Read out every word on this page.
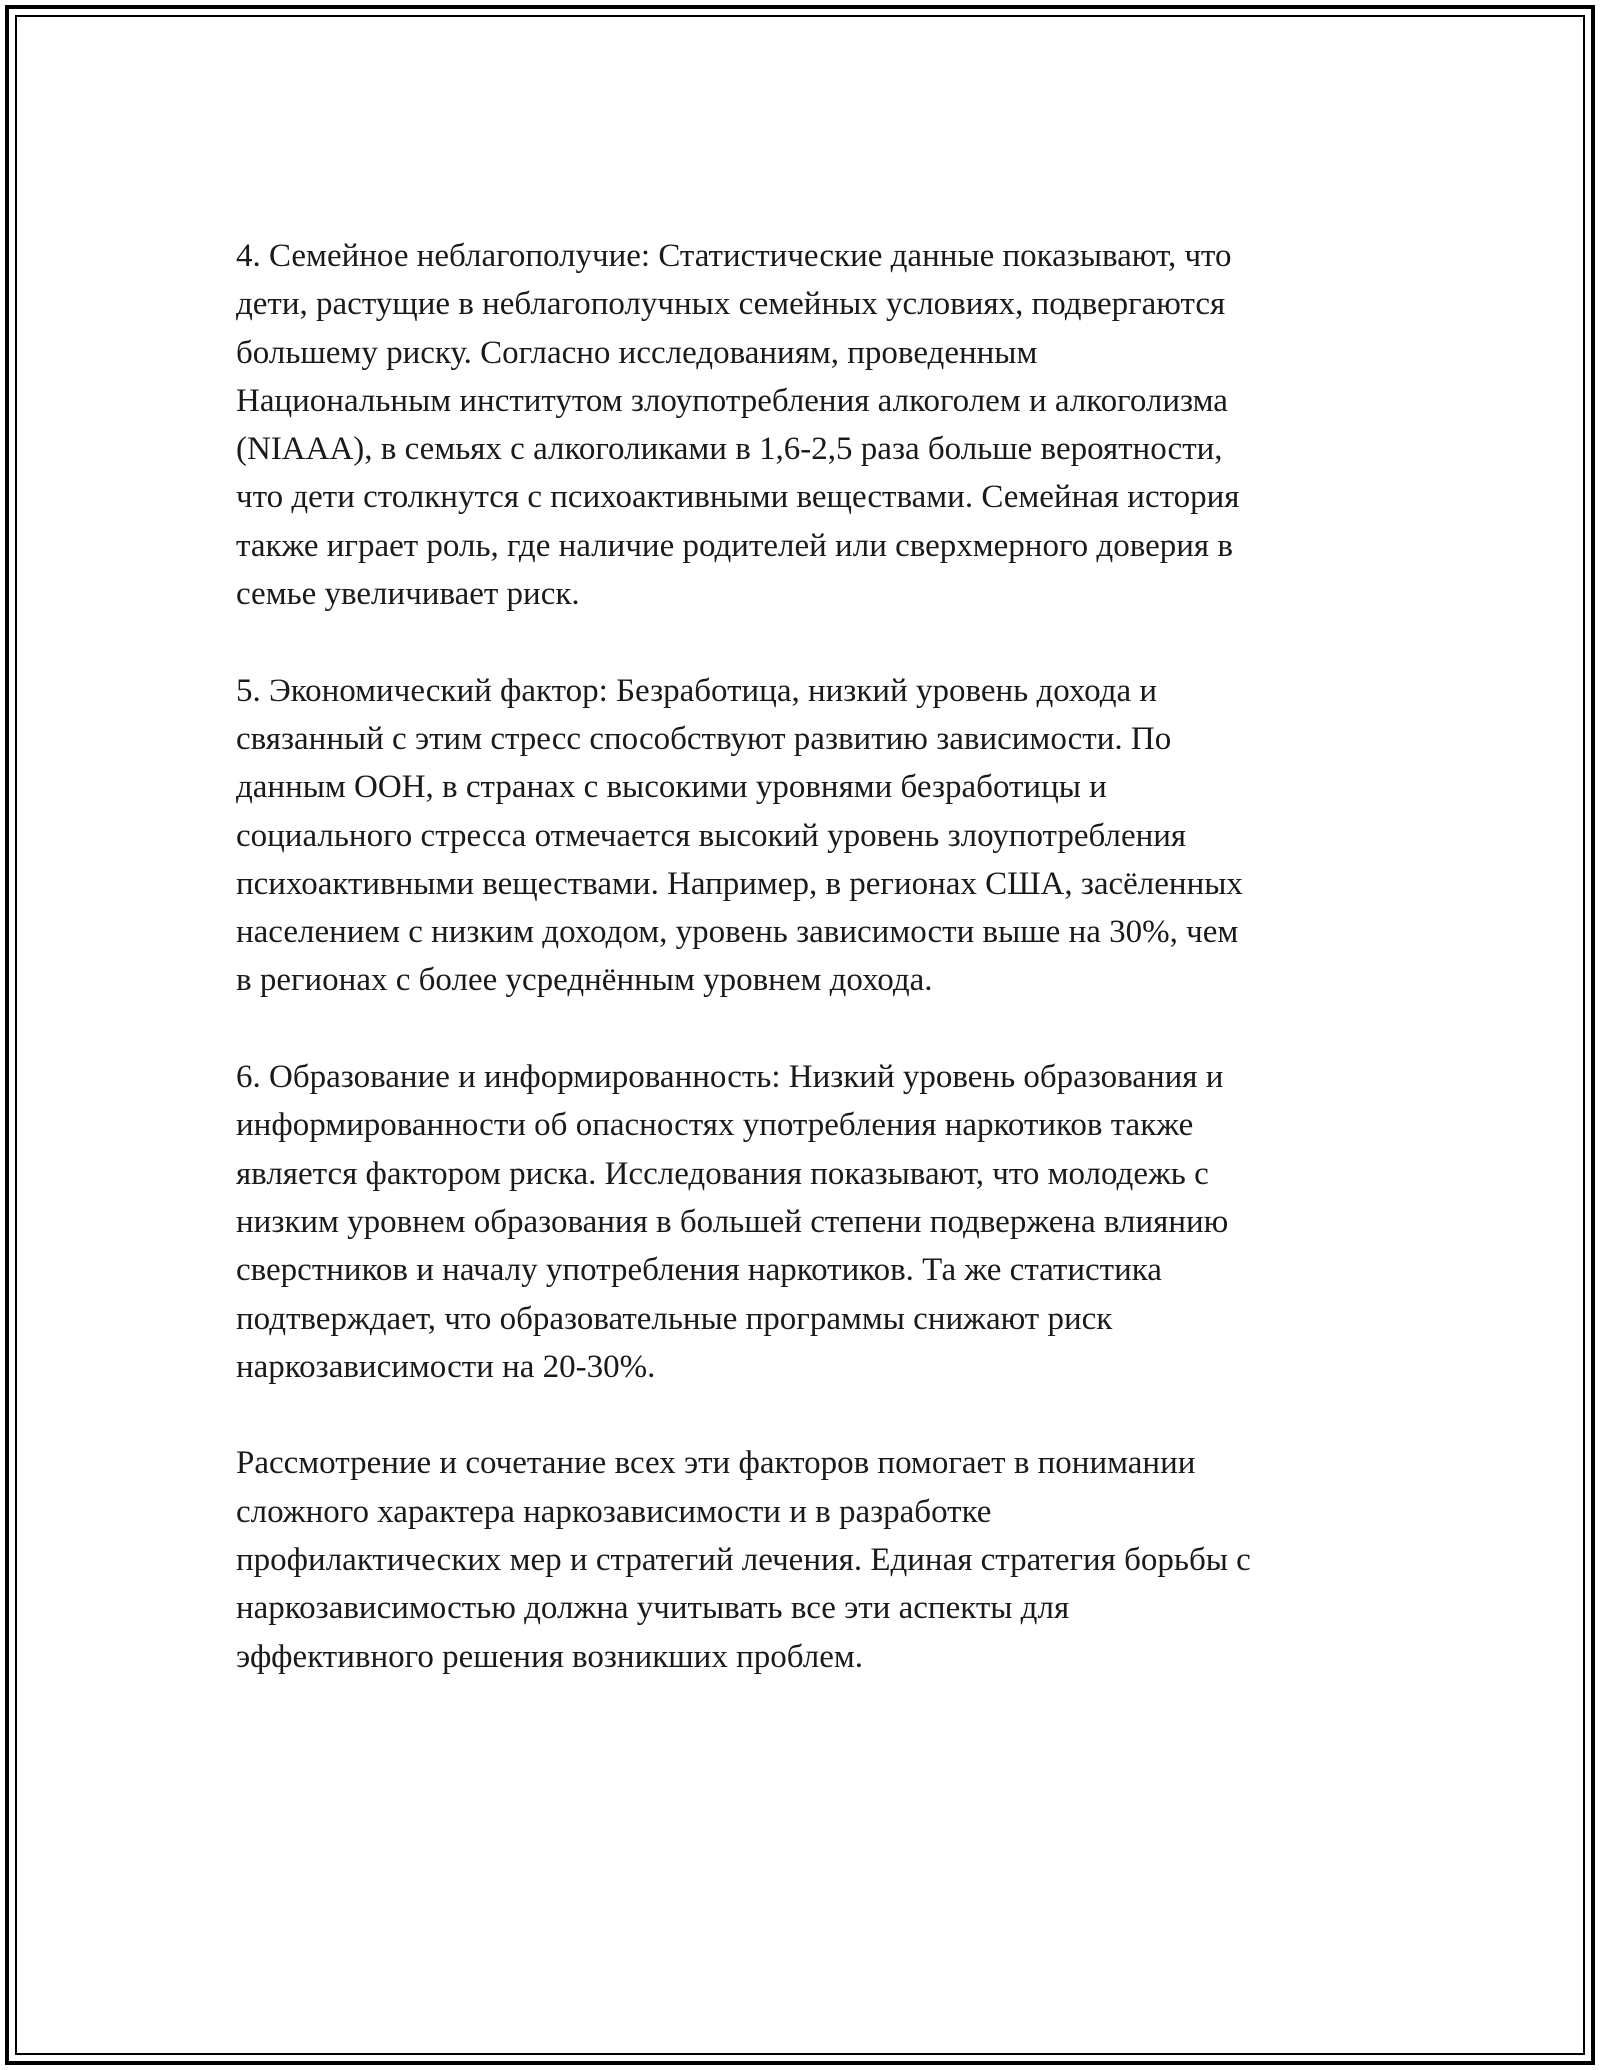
4. Семейное неблагополучие: Статистические данные показывают, что
дети, растущие в неблагополучных семейных условиях, подвергаются
большему риску. Согласно исследованиям, проведенным
Национальным институтом злоупотребления алкоголем и алкоголизма
(NIAAA), в семьях с алкоголиками в 1,6-2,5 раза больше вероятности,
что дети столкнутся с психоактивными веществами. Семейная история
также играет роль, где наличие родителей или сверхмерного доверия в
семье увеличивает риск.

5. Экономический фактор: Безработица, низкий уровень дохода и
связанный с этим стресс способствуют развитию зависимости. По
данным ООН, в странах с высокими уровнями безработицы и
социального стресса отмечается высокий уровень злоупотребления
психоактивными веществами. Например, в регионах США, засёленных
населением с низким доходом, уровень зависимости выше на 30%, чем
в регионах с более усреднённым уровнем дохода.

6. Образование и информированность: Низкий уровень образования и
информированности об опасностях употребления наркотиков также
является фактором риска. Исследования показывают, что молодежь с
низким уровнем образования в большей степени подвержена влиянию
сверстников и началу употребления наркотиков. Та же статистика
подтверждает, что образовательные программы снижают риск
наркозависимости на 20-30%.

Рассмотрение и сочетание всех эти факторов помогает в понимании
сложного характера наркозависимости и в разработке
профилактических мер и стратегий лечения. Единая стратегия борьбы с
наркозависимостью должна учитывать все эти аспекты для
эффективного решения возникших проблем.
